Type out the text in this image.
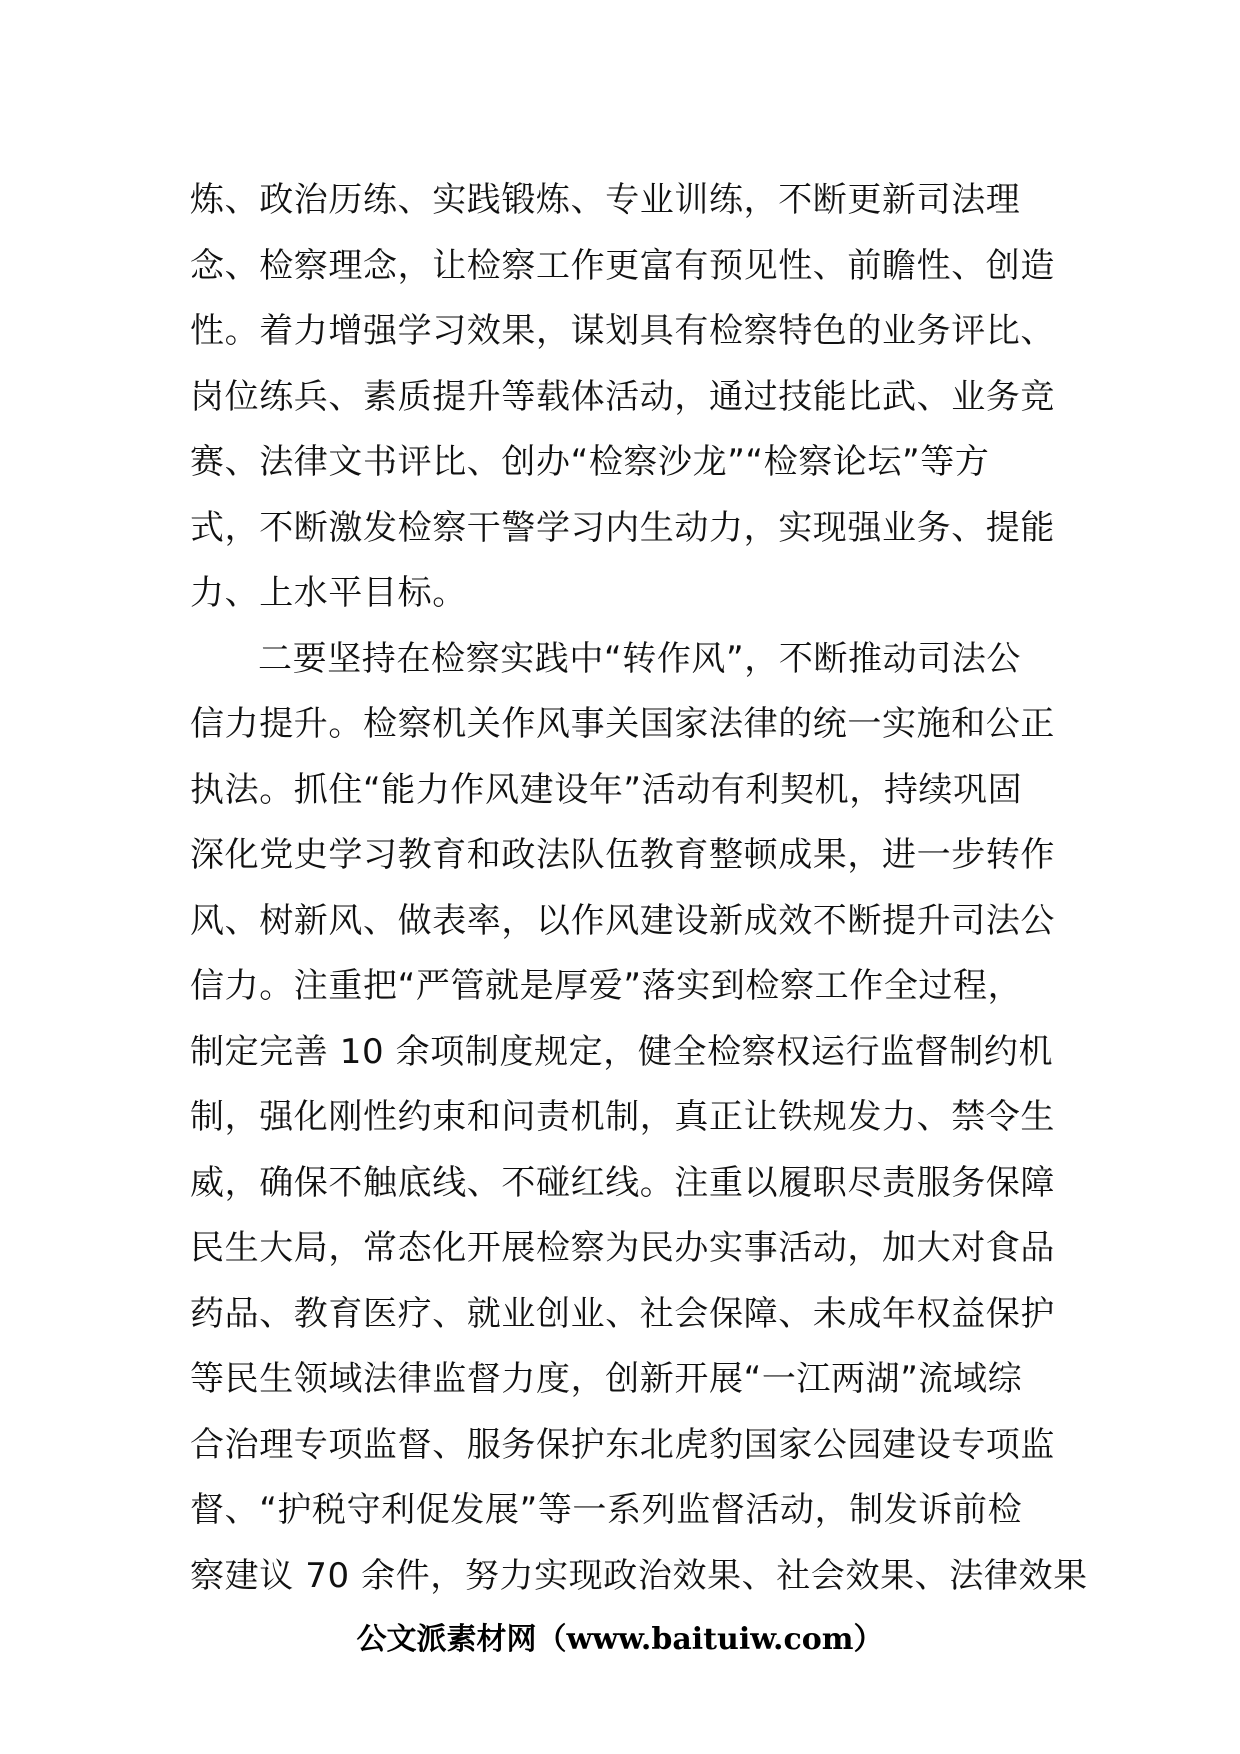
炼、政治历练、实践锻炼、专业训练，不断更新司法理
念、检察理念，让检察工作更富有预见性、前瞻性、创造
性。着力增强学习效果，谋划具有检察特色的业务评比、
岗位练兵、素质提升等载体活动，通过技能比武、业务竞
赛、法律文书评比、创办“检察沙龙”“检察论坛”等方
式，不断激发检察干警学习内生动力，实现强业务、提能
力、上水平目标。
二要坚持在检察实践中“转作风”，不断推动司法公
信力提升。检察机关作风事关国家法律的统一实施和公正
执法。抓住“能力作风建设年”活动有利契机，持续巩固
深化党史学习教育和政法队伍教育整顿成果，进一步转作
风、树新风、做表率，以作风建设新成效不断提升司法公
信力。注重把“严管就是厚爱”落实到检察工作全过程，
制定完善 10 余项制度规定，健全检察权运行监督制约机
制，强化刚性约束和问责机制，真正让铁规发力、禁令生
威，确保不触底线、不碰红线。注重以履职尽责服务保障
民生大局，常态化开展检察为民办实事活动，加大对食品
药品、教育医疗、就业创业、社会保障、未成年权益保护
等民生领域法律监督力度，创新开展“一江两湖”流域综
合治理专项监督、服务保护东北虎豹国家公园建设专项监
督、“护税守利促发展”等一系列监督活动，制发诉前检
察建议 70 余件，努力实现政治效果、社会效果、法律效果
公文派素材网（www.baituiw.com）
